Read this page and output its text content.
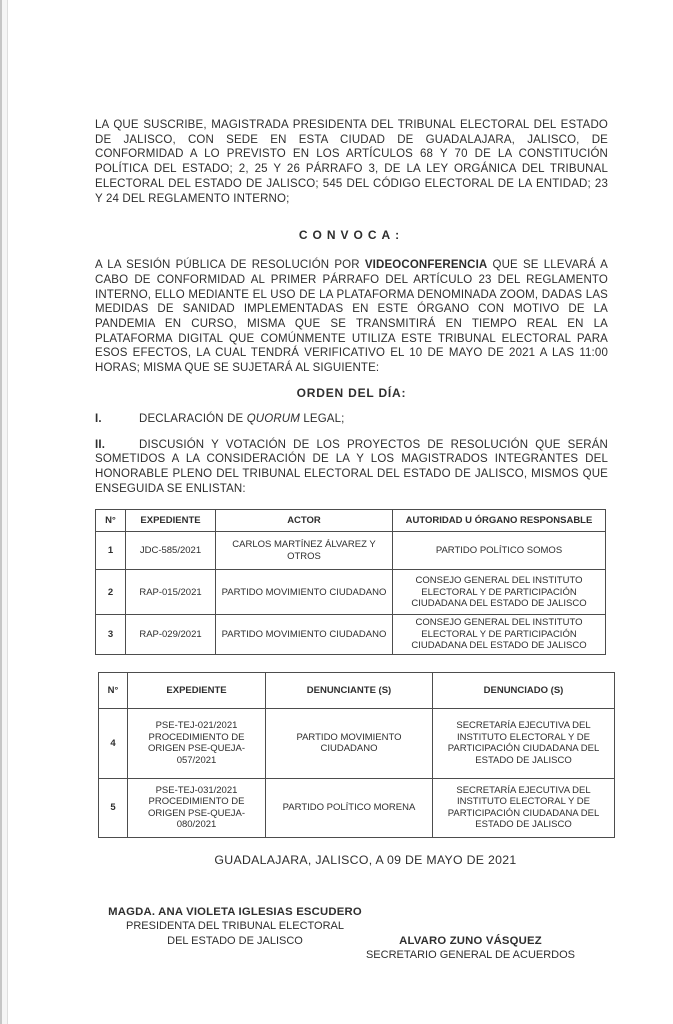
LA QUE SUSCRIBE, MAGISTRADA PRESIDENTA DEL TRIBUNAL ELECTORAL DEL ESTADO DE JALISCO, CON SEDE EN ESTA CIUDAD DE GUADALAJARA, JALISCO, DE CONFORMIDAD A LO PREVISTO EN LOS ARTÍCULOS 68 Y 70 DE LA CONSTITUCIÓN POLÍTICA DEL ESTADO; 2, 25 Y 26 PÁRRAFO 3, DE LA LEY ORGÁNICA DEL TRIBUNAL ELECTORAL DEL ESTADO DE JALISCO; 545 DEL CÓDIGO ELECTORAL DE LA ENTIDAD; 23 Y 24 DEL REGLAMENTO INTERNO;

CONVOCA:

A LA SESIÓN PÚBLICA DE RESOLUCIÓN POR VIDEOCONFERENCIA QUE SE LLEVARÁ A CABO DE CONFORMIDAD AL PRIMER PÁRRAFO DEL ARTÍCULO 23 DEL REGLAMENTO INTERNO, ELLO MEDIANTE EL USO DE LA PLATAFORMA DENOMINADA ZOOM, DADAS LAS MEDIDAS DE SANIDAD IMPLEMENTADAS EN ESTE ÓRGANO CON MOTIVO DE LA PANDEMIA EN CURSO, MISMA QUE SE TRANSMITIRÁ EN TIEMPO REAL EN LA PLATAFORMA DIGITAL QUE COMÚNMENTE UTILIZA ESTE TRIBUNAL ELECTORAL PARA ESOS EFECTOS, LA CUAL TENDRÁ VERIFICATIVO EL 10 DE MAYO DE 2021 A LAS 11:00 HORAS; MISMA QUE SE SUJETARÁ AL SIGUIENTE:

ORDEN DEL DÍA:

I.	DECLARACIÓN DE QUORUM LEGAL;

II.	DISCUSIÓN Y VOTACIÓN DE LOS PROYECTOS DE RESOLUCIÓN QUE SERÁN SOMETIDOS A LA CONSIDERACIÓN DE LA Y LOS MAGISTRADOS INTEGRANTES DEL HONORABLE PLENO DEL TRIBUNAL ELECTORAL DEL ESTADO DE JALISCO, MISMOS QUE ENSEGUIDA SE ENLISTAN:

N°	EXPEDIENTE	ACTOR	AUTORIDAD U ÓRGANO RESPONSABLE
1	JDC-585/2021	CARLOS MARTÍNEZ ÁLVAREZ Y OTROS	PARTIDO POLÍTICO SOMOS
2	RAP-015/2021	PARTIDO MOVIMIENTO CIUDADANO	CONSEJO GENERAL DEL INSTITUTO ELECTORAL Y DE PARTICIPACIÓN CIUDADANA DEL ESTADO DE JALISCO
3	RAP-029/2021	PARTIDO MOVIMIENTO CIUDADANO	CONSEJO GENERAL DEL INSTITUTO ELECTORAL Y DE PARTICIPACIÓN CIUDADANA DEL ESTADO DE JALISCO
N°	EXPEDIENTE	DENUNCIANTE (S)	DENUNCIADO (S)
4	PSE-TEJ-021/2021 PROCEDIMIENTO DE ORIGEN PSE-QUEJA-057/2021	PARTIDO MOVIMIENTO CIUDADANO	SECRETARÍA EJECUTIVA DEL INSTITUTO ELECTORAL Y DE PARTICIPACIÓN CIUDADANA DEL ESTADO DE JALISCO
5	PSE-TEJ-031/2021 PROCEDIMIENTO DE ORIGEN PSE-QUEJA-080/2021	PARTIDO POLÍTICO MORENA	SECRETARÍA EJECUTIVA DEL INSTITUTO ELECTORAL Y DE PARTICIPACIÓN CIUDADANA DEL ESTADO DE JALISCO

GUADALAJARA, JALISCO, A 09 DE MAYO DE 2021

MAGDA. ANA VIOLETA IGLESIAS ESCUDERO
PRESIDENTA DEL TRIBUNAL ELECTORAL
DEL ESTADO DE JALISCO	ALVARO ZUNO VÁSQUEZ
SECRETARIO GENERAL DE ACUERDOS
